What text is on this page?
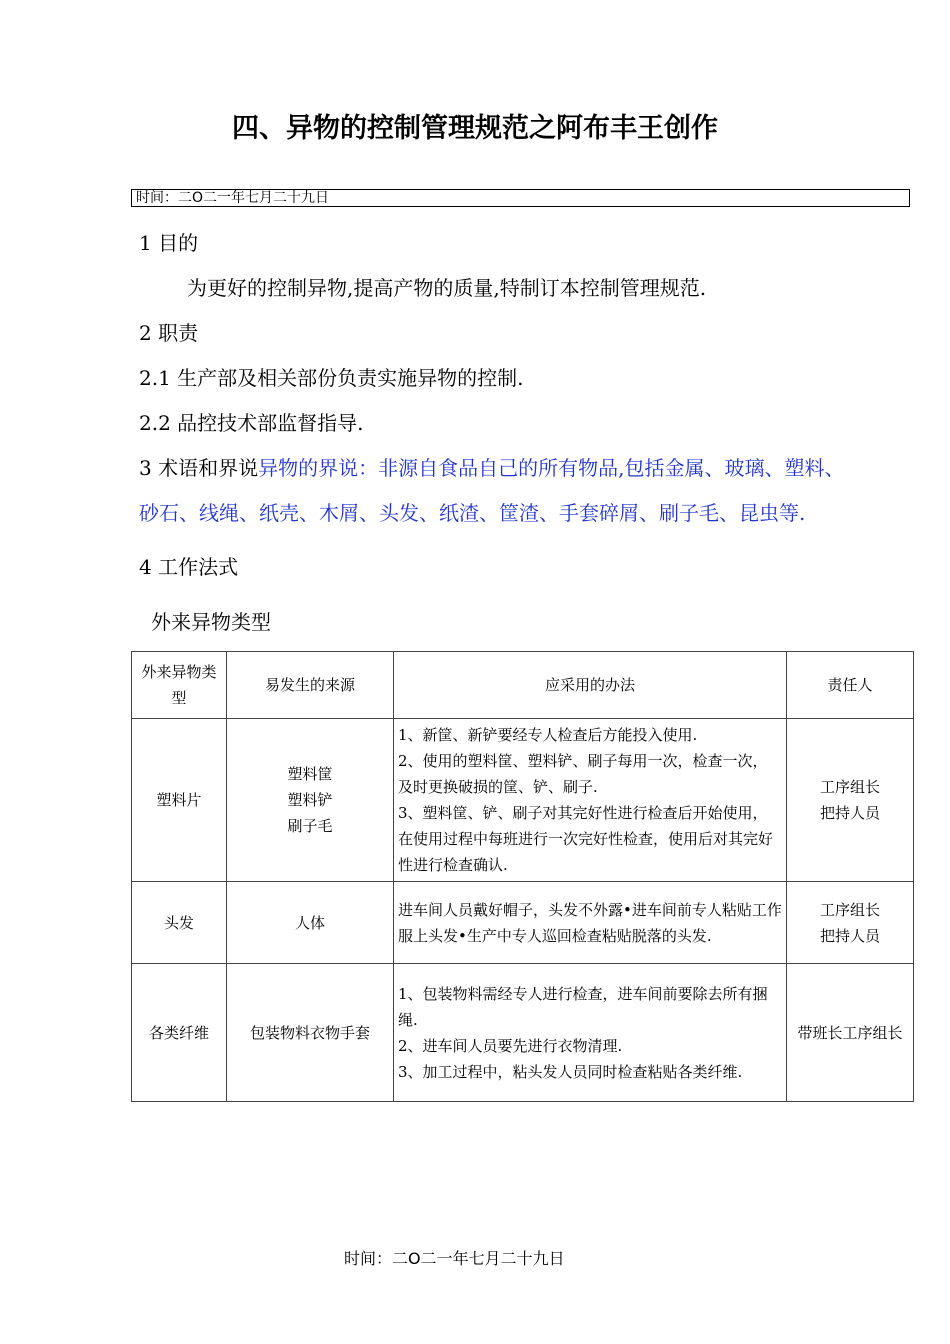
四、异物的控制管理规范之阿布丰王创作
时间：二O二一年七月二十九日
1 目的
为更好的控制异物,提高产物的质量,特制订本控制管理规范.
2 职责
2.1 生产部及相关部份负责实施异物的控制.
2.2 品控技术部监督指导.
3 术语和界说异物的界说：非源自食品自己的所有物品,包括金属、玻璃、塑料、
砂石、线绳、纸壳、木屑、头发、纸渣、筐渣、手套碎屑、刷子毛、昆虫等.
4 工作法式
外来异物类型
外来异物类型	易发生的来源	应采用的办法	责任人
塑料片	塑料筐
塑料铲
刷子毛	1、新筐、新铲要经专人检查后方能投入使用.
2、使用的塑料筐、塑料铲、刷子每用一次，检查一次，及时更换破损的筐、铲、刷子.
3、塑料筐、铲、刷子对其完好性进行检查后开始使用，在使用过程中每班进行一次完好性检查，使用后对其完好性进行检查确认.	工序组长
把持人员
头发	人体	进车间人员戴好帽子，头发不外露•进车间前专人粘贴工作服上头发•生产中专人巡回检查粘贴脱落的头发.	工序组长
把持人员
各类纤维	包装物料衣物手套	1、包装物料需经专人进行检查，进车间前要除去所有捆绳.
2、进车间人员要先进行衣物清理.
3、加工过程中，粘头发人员同时检查粘贴各类纤维.	带班长工序组长
时间：二O二一年七月二十九日
